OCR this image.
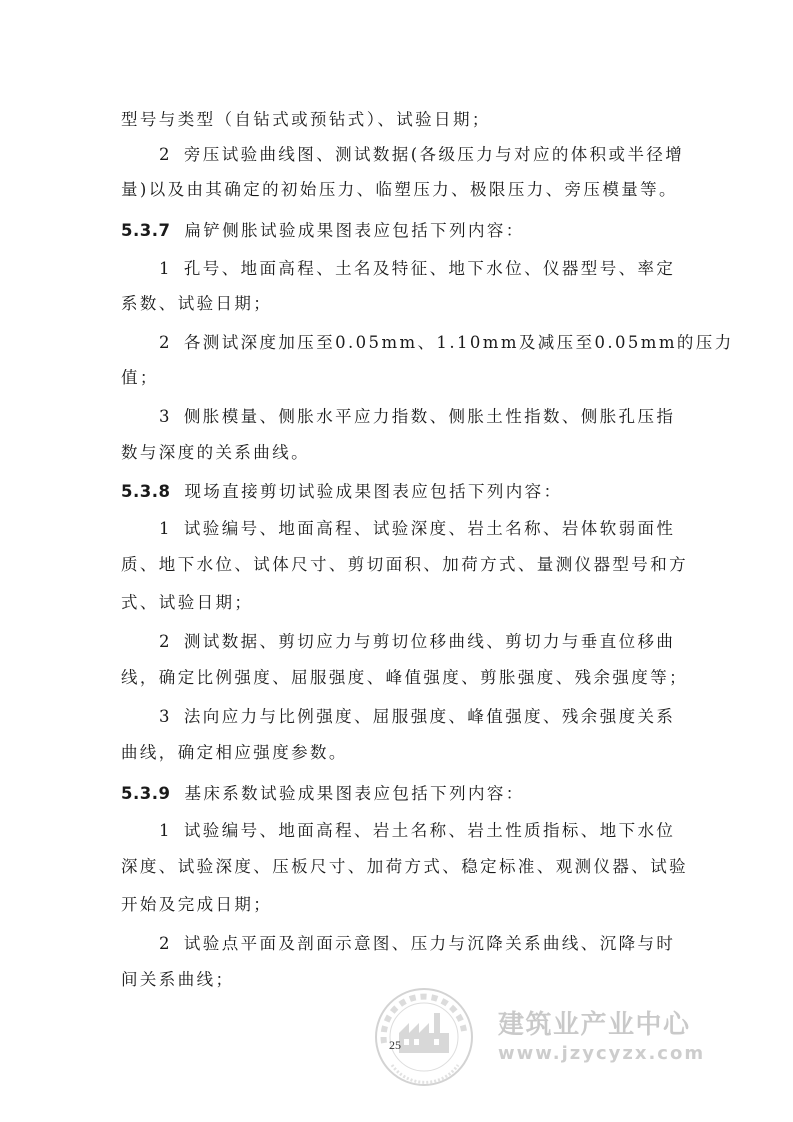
型号与类型（自钻式或预钻式）、试验日期；
2 旁压试验曲线图、测试数据(各级压力与对应的体积或半径增
量)以及由其确定的初始压力、临塑压力、极限压力、旁压模量等。
5.3.7 扁铲侧胀试验成果图表应包括下列内容：
1 孔号、地面高程、土名及特征、地下水位、仪器型号、率定
系数、试验日期；
2 各测试深度加压至0.05mm、1.10mm及减压至0.05mm的压力
值；
3 侧胀模量、侧胀水平应力指数、侧胀土性指数、侧胀孔压指
数与深度的关系曲线。
5.3.8 现场直接剪切试验成果图表应包括下列内容：
1 试验编号、地面高程、试验深度、岩土名称、岩体软弱面性
质、地下水位、试体尺寸、剪切面积、加荷方式、量测仪器型号和方
式、试验日期；
2 测试数据、剪切应力与剪切位移曲线、剪切力与垂直位移曲
线，确定比例强度、屈服强度、峰值强度、剪胀强度、残余强度等；
3 法向应力与比例强度、屈服强度、峰值强度、残余强度关系
曲线，确定相应强度参数。
5.3.9 基床系数试验成果图表应包括下列内容：
1 试验编号、地面高程、岩土名称、岩土性质指标、地下水位
深度、试验深度、压板尺寸、加荷方式、稳定标准、观测仪器、试验
开始及完成日期；
2 试验点平面及剖面示意图、压力与沉降关系曲线、沉降与时
间关系曲线；
建筑业产业中心
www.jzycyzx.com
25
